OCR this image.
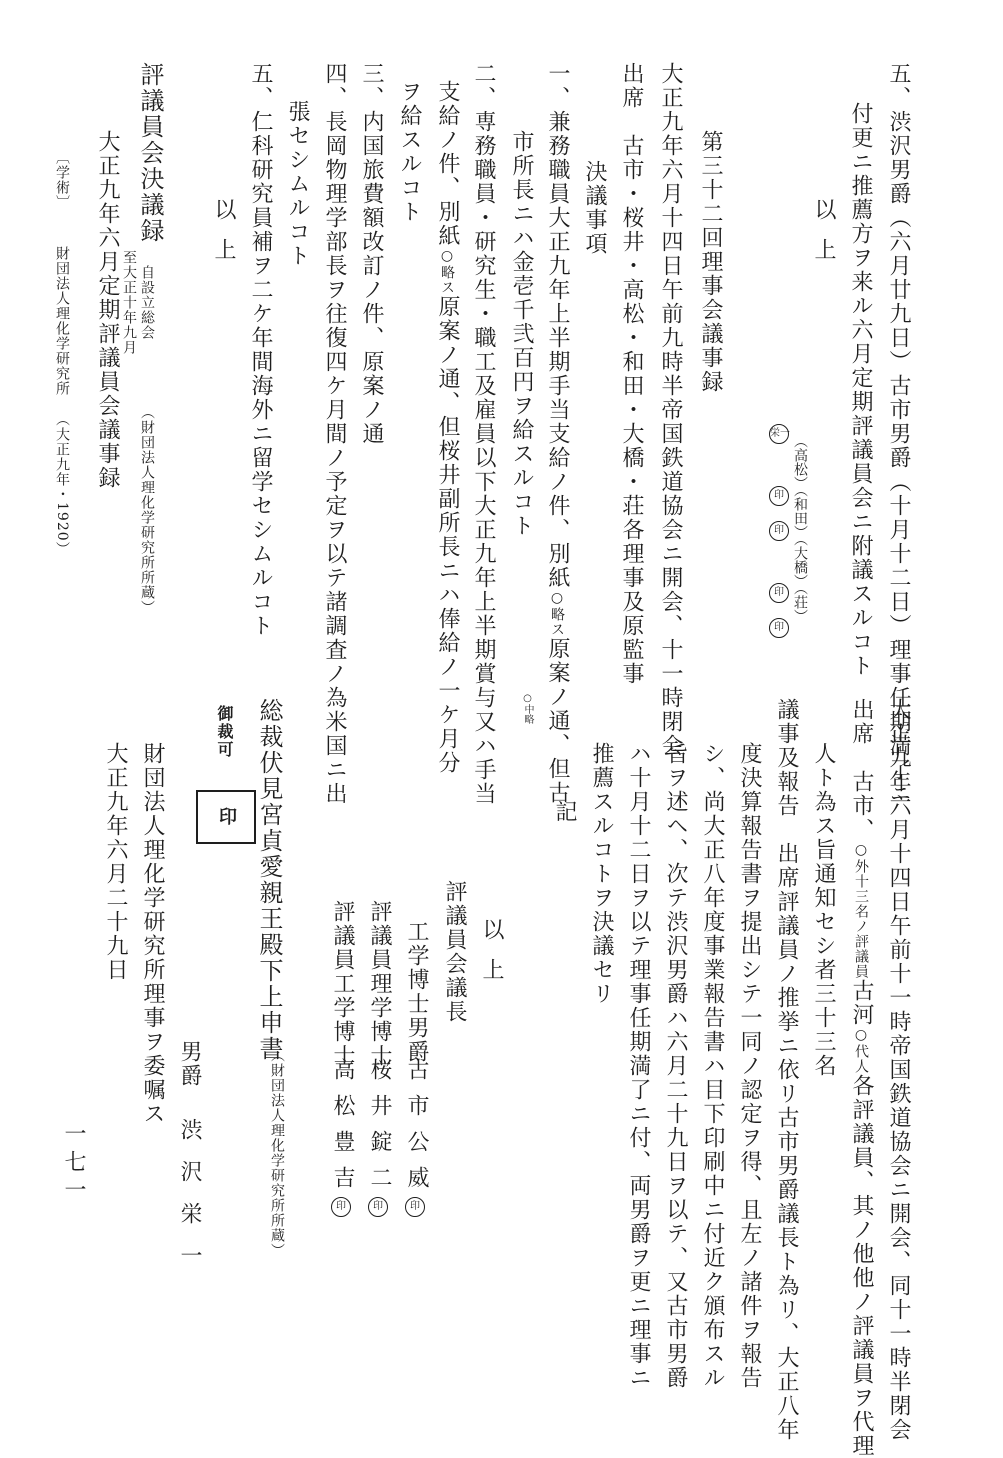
五、渋沢男爵（六月廿九日）古市男爵（十月十二日）理事任期満了ニ
付更ニ推薦方ヲ来ル六月定期評議員会ニ附議スルコト
以上
（高松）（和田）（大橋）（荘）
栄一  印 印  印 印
第三十二回理事会議事録
大正九年六月十四日午前九時半帝国鉄道協会ニ開会、十一時閉会
出席　古市・桜井・高松・和田・大橋・荘各理事及原監事
決議事項
一、兼務職員大正九年上半期手当支給ノ件、別紙○略ス原案ノ通、但古
市所長ニハ金壱千弐百円ヲ給スルコト
二、専務職員・研究生・職工及雇員以下大正九年上半期賞与又ハ手当
支給ノ件、別紙○略ス原案ノ通、但桜井副所長ニハ俸給ノ一ケ月分
ヲ給スルコト
三、内国旅費額改訂ノ件、原案ノ通
四、長岡物理学部長ヲ往復四ケ月間ノ予定ヲ以テ諸調査ノ為米国ニ出
張セシムルコト
五、仁科研究員補ヲ二ケ年間海外ニ留学セシムルコト
以上
評議員会決議録
自設立総会
至大正十年九月
（財団法人理化学研究所所蔵）
大正九年六月定期評議員会議事録
〔学術〕
財団法人理化学研究所
（大正九年・1920）
大正九年六月十四日午前十一時帝国鉄道協会ニ開会、同十一時半閉会
出席　古市、○外十三名ノ評議員古河○代人各評議員、其ノ他他ノ評議員ヲ代理
人ト為ス旨通知セシ者三十三名
議事及報告　出席評議員ノ推挙ニ依リ古市男爵議長ト為リ、大正八年
度決算報告書ヲ提出シテ一同ノ認定ヲ得、且左ノ諸件ヲ報告
シ、尚大正八年度事業報告書ハ目下印刷中ニ付近ク頒布スル
旨ヲ述ヘ、次テ渋沢男爵ハ六月二十九日ヲ以テ、又古市男爵
ハ十月十二日ヲ以テ理事任期満了ニ付、両男爵ヲ更ニ理事ニ
推薦スルコトヲ決議セリ
○中略
記
以上
評議員会議長
工学博士男爵
古市公威
印
評議員理学博士
桜井錠二
印
評議員工学博士
高松豊吉
印
（財団法人理化学研究所所蔵）
総裁伏見宮貞愛親王殿下上申書
御裁可
印
財団法人理化学研究所理事ヲ委嘱ス
大正九年六月二十九日
男爵
渋沢栄一
一七一
